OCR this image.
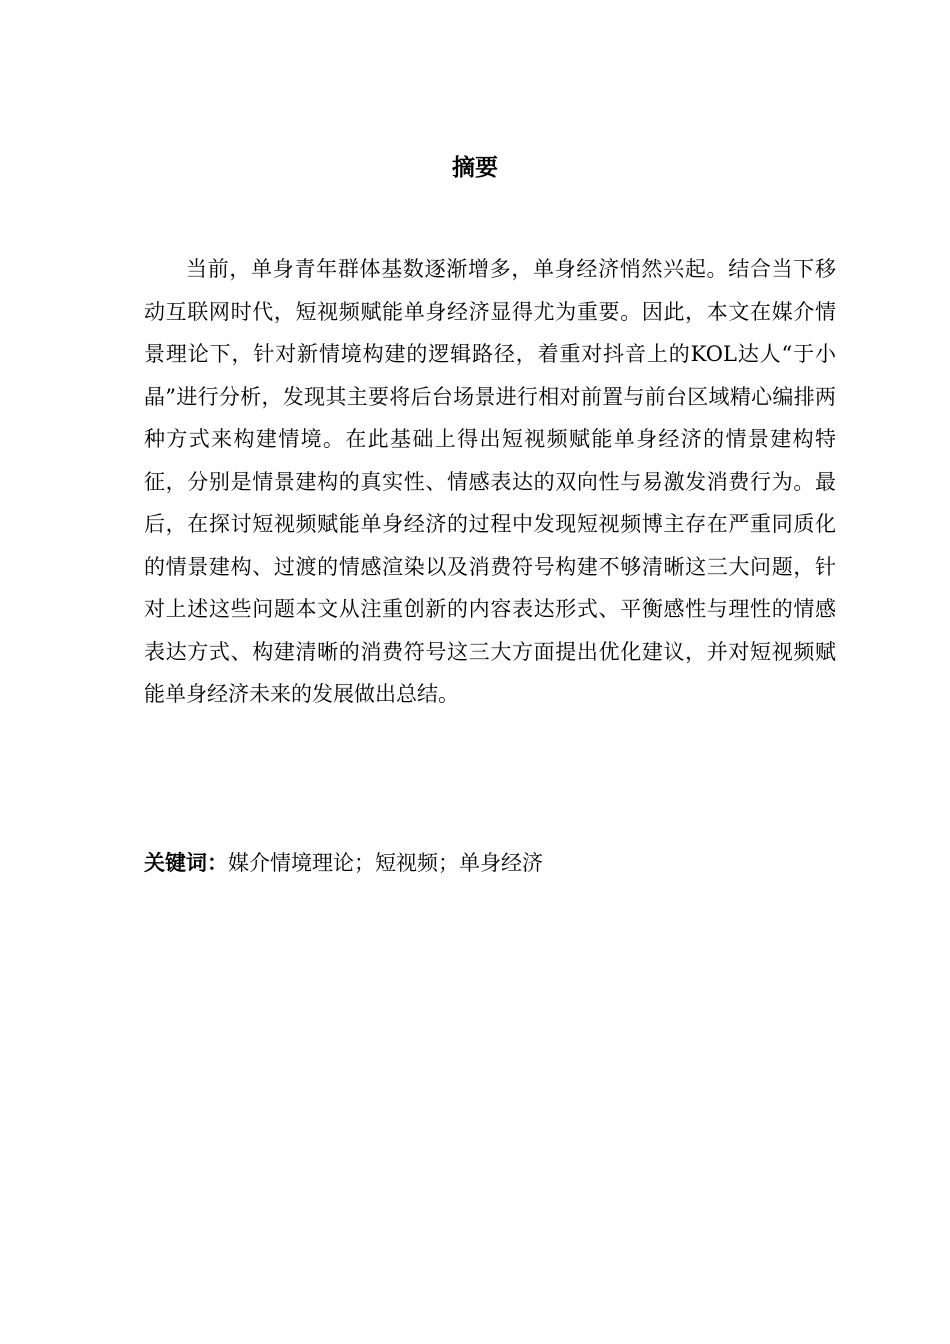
摘要

当前，单身青年群体基数逐渐增多，单身经济悄然兴起。结合当下移动互联网时代，短视频赋能单身经济显得尤为重要。因此，本文在媒介情景理论下，针对新情境构建的逻辑路径，着重对抖音上的KOL达人“于小晶”进行分析，发现其主要将后台场景进行相对前置与前台区域精心编排两种方式来构建情境。在此基础上得出短视频赋能单身经济的情景建构特征，分别是情景建构的真实性、情感表达的双向性与易激发消费行为。最后，在探讨短视频赋能单身经济的过程中发现短视频博主存在严重同质化的情景建构、过渡的情感渲染以及消费符号构建不够清晰这三大问题，针对上述这些问题本文从注重创新的内容表达形式、平衡感性与理性的情感表达方式、构建清晰的消费符号这三大方面提出优化建议，并对短视频赋能单身经济未来的发展做出总结。

关键词：媒介情境理论；短视频；单身经济
